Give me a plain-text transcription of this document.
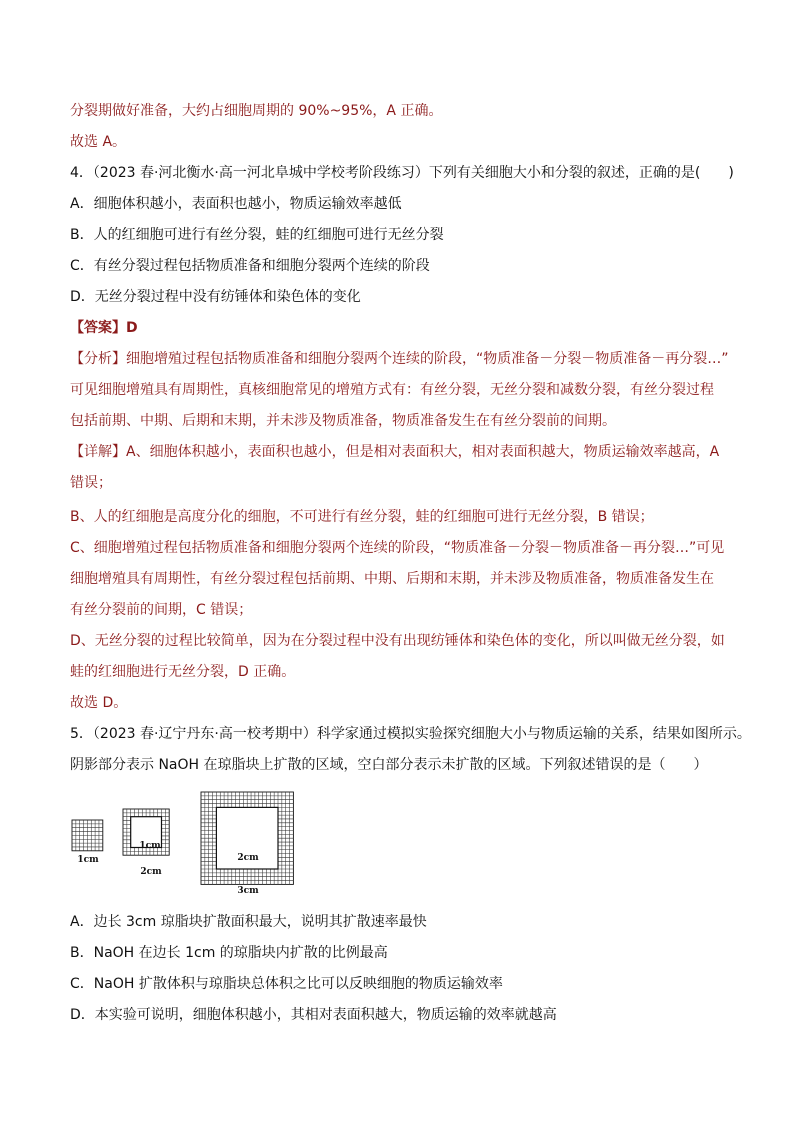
分裂期做好准备，大约占细胞周期的 90%~95%，A 正确。
故选 A。
4．（2023 春·河北衡水·高一河北阜城中学校考阶段练习）下列有关细胞大小和分裂的叙述，正确的是(　　)
A．细胞体积越小，表面积也越小，物质运输效率越低
B．人的红细胞可进行有丝分裂，蛙的红细胞可进行无丝分裂
C．有丝分裂过程包括物质准备和细胞分裂两个连续的阶段
D．无丝分裂过程中没有纺锤体和染色体的变化
【答案】D
【分析】细胞增殖过程包括物质准备和细胞分裂两个连续的阶段，“物质准备－分裂－物质准备－再分裂…”
可见细胞增殖具有周期性，真核细胞常见的增殖方式有：有丝分裂，无丝分裂和减数分裂，有丝分裂过程
包括前期、中期、后期和末期，并未涉及物质准备，物质准备发生在有丝分裂前的间期。
【详解】A、细胞体积越小，表面积也越小，但是相对表面积大，相对表面积越大，物质运输效率越高，A
错误；
B、人的红细胞是高度分化的细胞，不可进行有丝分裂，蛙的红细胞可进行无丝分裂，B 错误；
C、细胞增殖过程包括物质准备和细胞分裂两个连续的阶段，“物质准备－分裂－物质准备－再分裂…”可见
细胞增殖具有周期性，有丝分裂过程包括前期、中期、后期和末期，并未涉及物质准备，物质准备发生在
有丝分裂前的间期，C 错误；
D、无丝分裂的过程比较简单，因为在分裂过程中没有出现纺锤体和染色体的变化，所以叫做无丝分裂，如
蛙的红细胞进行无丝分裂，D 正确。
故选 D。
5．（2023 春·辽宁丹东·高一校考期中）科学家通过模拟实验探究细胞大小与物质运输的关系，结果如图所示。
阴影部分表示 NaOH 在琼脂块上扩散的区域，空白部分表示未扩散的区域。下列叙述错误的是（　　）
1cm
1cm
2cm
2cm
3cm
A．边长 3cm 琼脂块扩散面积最大，说明其扩散速率最快
B．NaOH 在边长 1cm 的琼脂块内扩散的比例最高
C．NaOH 扩散体积与琼脂块总体积之比可以反映细胞的物质运输效率
D．本实验可说明，细胞体积越小，其相对表面积越大，物质运输的效率就越高
